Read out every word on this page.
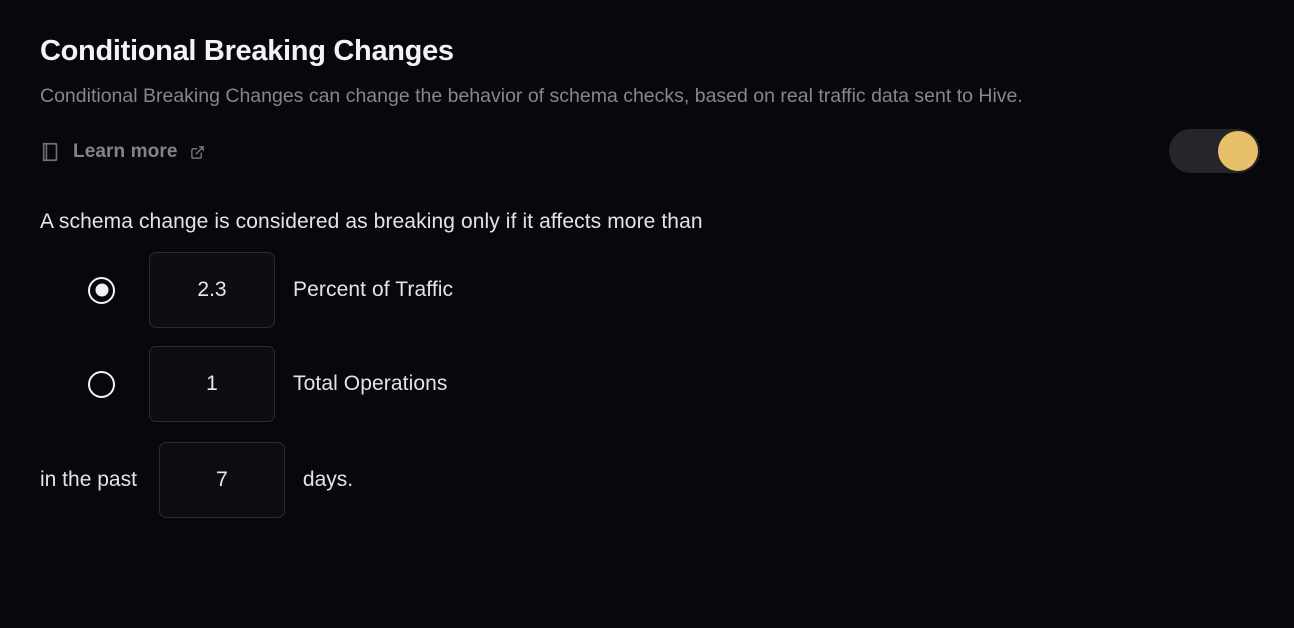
Conditional Breaking Changes

Conditional Breaking Changes can change the behavior of schema checks, based on real traffic data sent to Hive.

Learn more
A schema change is considered as breaking only if it affects more than
2.3
Percent of Traffic
1
Total Operations
in the past
7	days.
